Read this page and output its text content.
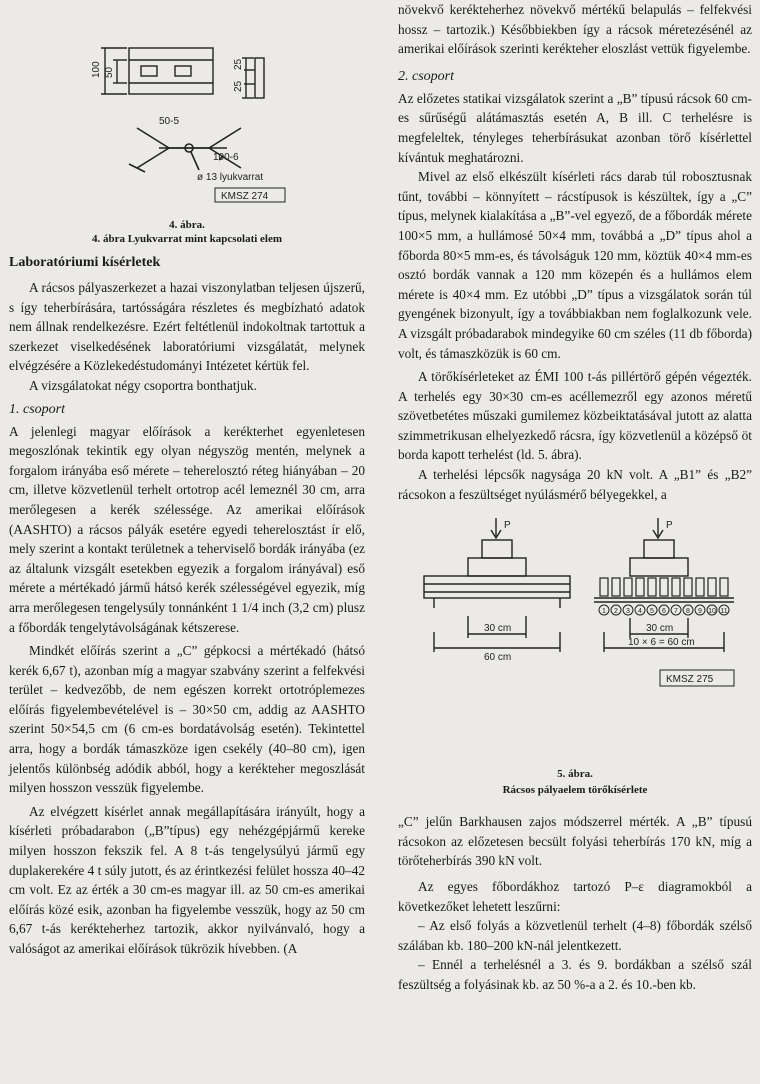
100 50
25
25
50-5
100-6
ø 13 lyukvarrat
KMSZ 274
4. ábra.
4. ábra Lyukvarrat mint kapcsolati elem
Laboratóriumi kísérletek

A rácsos pályaszerkezet a hazai viszonylatban teljesen újszerű, s így teherbírására, tartósságára részletes és megbízható adatok nem állnak rendelkezésre. Ezért feltétlenül indokoltnak tartottuk a szerkezet viselkedésének laboratóriumi vizsgálatát, melynek elvégzésére a Közlekedéstudományi Intézetet kértük fel.

A vizsgálatokat négy csoportra bonthatjuk.

1. csoport

A jelenlegi magyar előírások a kerékterhet egyenletesen megoszlónak tekintik egy olyan négyszög mentén, melynek a forgalom irányába eső mérete – teherelosztó réteg hiányában – 20 cm, illetve közvetlenül terhelt ortotrop acél lemeznél 30 cm, arra merőlegesen a kerék szélessége. Az amerikai előírások (AASHTO) a rácsos pályák esetére egyedi teherelosztást ír elő, mely szerint a kontakt területnek a teherviselő bordák irányába (ez az általunk vizsgált esetekben egyezik a forgalom irányával) eső mérete a mértékadó jármű hátsó kerék szélességével egyezik, míg arra merőlegesen tengelysúly tonnánként 1 1/4 inch (3,2 cm) plusz a főbordák tengelytávolságának kétszerese.

Mindkét előírás szerint a „C” gépkocsi a mértékadó (hátsó kerék 6,67 t), azonban míg a magyar szabvány szerint a felfekvési terület – kedvezőbb, de nem egészen korrekt ortotróplemezes előírás figyelembevételével is – 30×50 cm, addig az AASHTO szerint 50×54,5 cm (6 cm-es bordatávolság esetén). Tekintettel arra, hogy a bordák támaszköze igen csekély (40–80 cm), igen jelentős különbség adódik abból, hogy a kerékteher megoszlását milyen hosszon vesszük figyelembe.

Az elvégzett kísérlet annak megállapítására irányúlt, hogy a kísérleti próbadarabon („B”típus) egy nehézgépjármű kereke milyen hosszon fekszik fel. A 8 t-ás tengelysúlyú jármű egy duplakerekére 4 t súly jutott, és az érintkezési felület hossza 40–42 cm volt. Ez az érték a 30 cm-es magyar ill. az 50 cm-es amerikai előírás közé esik, azonban ha figyelembe vesszük, hogy az 50 cm 6,67 t-ás kerékteherhez tartozik, akkor nyilvánvaló, hogy a valóságot az amerikai előírások tükrözik hívebben. (A

növekvő kerékteherhez növekvő mértékű belapulás – felfekvési hossz – tartozik.) Későbbiekben így a rácsok méretezésénél az amerikai előírások szerinti kerékteher eloszlást vettük figyelembe.

2. csoport

Az előzetes statikai vizsgálatok szerint a „B” típusú rácsok 60 cm-es sűrűségű alátámasztás esetén A, B ill. C terhelésre is megfeleltek, tényleges teherbírásukat azonban törő kísérlettel kívántuk meghatározni.

Mivel az első elkészült kísérleti rács darab túl robosztusnak tűnt, további – könnyített – rácstípusok is készültek, így a „C” típus, melynek kialakítása a „B”-vel egyező, de a főbordák mérete 100×5 mm, a hullámosé 50×4 mm, továbbá a „D” típus ahol a főborda 80×5 mm-es, és távolságuk 120 mm, köztük 40×4 mm-es osztó bordák vannak a 120 mm közepén és a hullámos elem mérete is 40×4 mm. Ez utóbbi „D” típus a vizsgálatok során túl gyengének bizonyult, így a továbbiakban nem foglalkozunk vele. A vizsgált próbadarabok mindegyike 60 cm széles (11 db főborda) volt, és támaszközük is 60 cm.

A törőkísérleteket az ÉMI 100 t-ás pillértörő gépén végezték. A terhelés egy 30×30 cm-es acéllemezről egy azonos méretű szövetbetétes műszaki gumilemez közbeiktatásával jutott az alatta szimmetrikusan elhelyezkedő rácsra, így közvetlenül a középső öt borda kapott terhelést (ld. 5. ábra).

A terhelési lépcsők nagysága 20 kN volt. A „B1” és „B2” rácsokon a feszültséget nyúlásmérő bélyegekkel, a

1 2 3 4 5 6 7 8 9 10 11
P	P
30 cm
60 cm
30 cm
10 × 6 = 60 cm
KMSZ 275
5. ábra.
Rácsos pályaelem törőkísérlete

„C” jelűn Barkhausen zajos módszerrel mérték. A „B” típusú rácsokon az előzetesen becsült folyási teherbírás 170 kN, míg a törőteherbírás 390 kN volt.

Az egyes főbordákhoz tartozó P–ε diagramokból a következőket lehetett leszűrni:

– Az első folyás a közvetlenül terhelt (4–8) főbordák szélső szálában kb. 180–200 kN-nál jelentkezett.

– Ennél a terhelésnél a 3. és 9. bordákban a szélső szál feszültség a folyásinak kb. az 50 %-a a 2. és 10.-ben kb.
